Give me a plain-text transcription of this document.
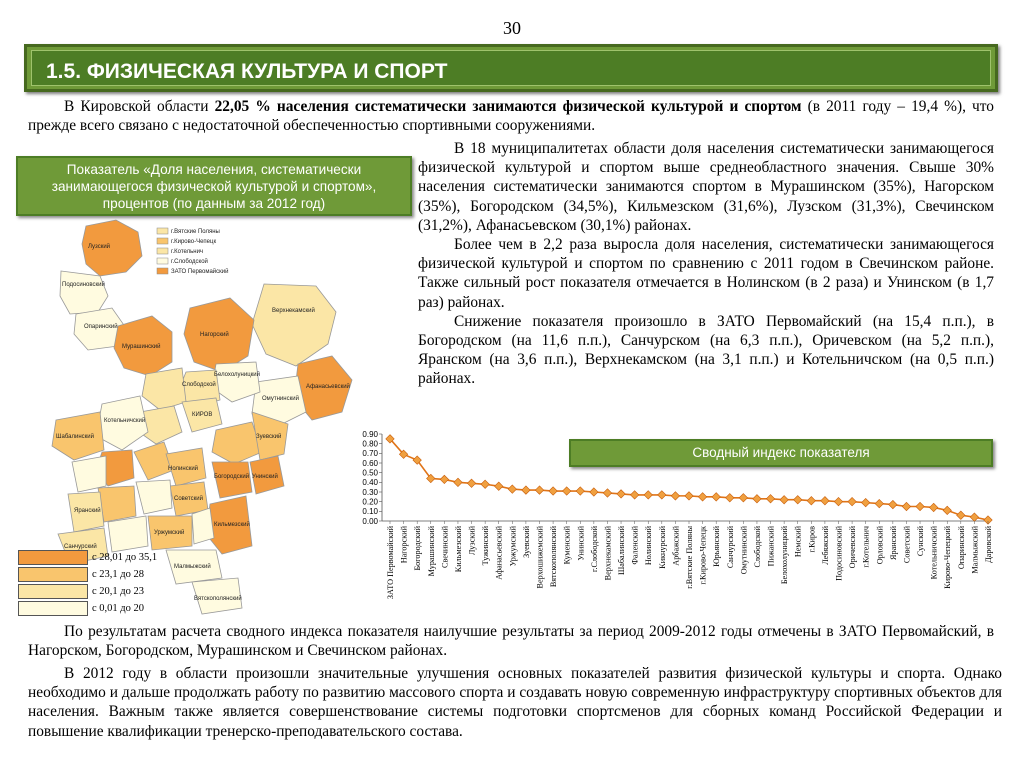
30
1.5. ФИЗИЧЕСКАЯ КУЛЬТУРА И СПОРТ
В Кировской области 22,05 % населения систематически занимаются физической культурой и спортом (в 2011 году – 19,4 %), что прежде всего связано с недостаточной обеспеченностью спортивными сооружениями.

В 18 муниципалитетах области доля населения систематически занимающегося физической культурой и спортом выше среднеобластного значения. Свыше 30% населения систематически занимаются спортом в Мурашинском (35%), Нагорском (35%), Богородском (34,5%), Кильмезском (31,6%), Лузском (31,3%), Свечинском (31,2%), Афанасьевском (30,1%) районах.

Более чем в 2,2 раза выросла доля населения, систематически занимающегося физической культурой и спортом по сравнению с 2011 годом в Свечинском районе. Также сильный рост показателя отмечается в Нолинском (в 2 раза) и Унинском (в 1,7 раз) районах.

Снижение показателя произошло в ЗАТО Первомайский (на 15,4 п.п.), в Богородском (на 11,6 п.п.), Санчурском (на 6,3 п.п.), Оричевском (на 5,2 п.п.), Яранском (на 3,6 п.п.), Верхнекамском (на 3,1 п.п.) и Котельничском (на 0,5 п.п.) районах.

Показатель «Доля населения, систематически занимающегося физической культурой и спортом», процентов (по данным за 2012 год)
г.Вятские Поляны
г.Кирово-Чепецк
г.Котельнич
г.Слободской
ЗАТО Первомайский
Лузский
Подосиновский
Опаринский
Верхнекамский
Нагорский
Мурашинский
Афанасьевский
Омутнинский
Белохолуницкий
Слободской
КИРОВ
Котельничский
Шабалинский	Зуевский
Унинский
Богородский
Нолинский
Советский
Яранский
Санчурский
Уржумский
Кильмезский
Малмыжский
Вятскополянский
с 28,01 до 35,1
с 23,1 до 28
с 20,1 до 23
с 0,01 до 20
0.00
0.10
0.20
0.30
0.40
0.50
0.60
0.70
0.80
0.90
ЗАТО Первомайский Нагорский Богородский Мурашинский Свечинский Кильмезский Лузский Тужинский Афанасьевский Уржумский Зуевский Верхошижемский Вятскополянский Куменский Унинский г.Слободской Верхнекамский Шабалинский Фаленский Нолинский Кикнурский Арбажский г.Вятские Поляны г.Кирово-Чепецк Юрьянский Санчурский Омутнинский Слободской Пижанский Белохолуницкий Немский г.Киров Лебяжский Подосиновский Оричевский г.Котельнич Орловский Яранский Советский Сунский Котельничский Кирово-Чепецкий Опаринский Малмыжский Даровской
Сводный индекс показателя
По результатам расчета сводного индекса показателя наилучшие результаты за период 2009-2012 годы отмечены в ЗАТО Первомайский, в Нагорском, Богородском, Мурашинском и Свечинском районах.
В 2012 году в области произошли значительные улучшения основных показателей развития физической культуры и спорта. Однако необходимо и дальше продолжать работу по развитию массового спорта и создавать новую современную инфраструктуру спортивных объектов для населения. Важным также является совершенствование системы подготовки спортсменов для сборных команд Российской Федерации и повышение квалификации тренерско-преподавательского состава.
